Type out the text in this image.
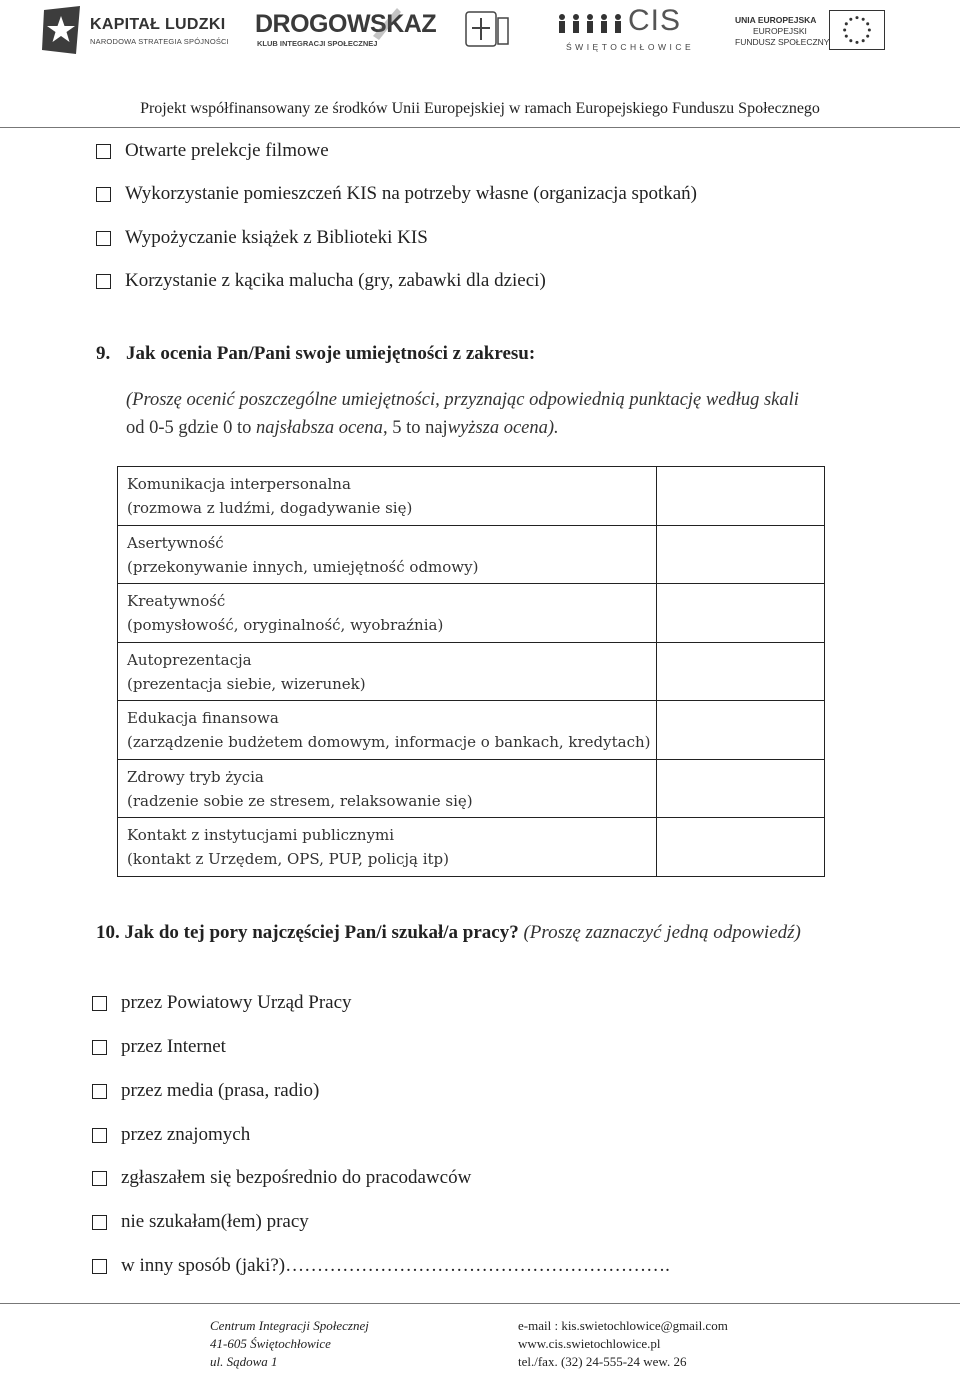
KAPITAŁ LUDZKI
NARODOWA STRATEGIA SPÓJNOŚCI
DROGOWSKAZ
KLUB INTEGRACJI SPOŁECZNEJ
CIS
ŚWIĘTOCHŁOWICE
UNIA EUROPEJSKA
EUROPEJSKI
FUNDUSZ SPOŁECZNY
Projekt współfinansowany ze środków Unii Europejskiej w ramach Europejskiego Funduszu Społecznego
Otwarte prelekcje filmowe
Wykorzystanie pomieszczeń KIS na potrzeby własne (organizacja spotkań)
Wypożyczanie książek z Biblioteki KIS
Korzystanie z kącika malucha (gry, zabawki dla dzieci)
9. Jak ocenia Pan/Pani swoje umiejętności z zakresu:
(Proszę ocenić poszczególne umiejętności, przyznając odpowiednią punktację według skali
od 0-5 gdzie 0 to najsłabsza ocena, 5 to najwyższa ocena).
Komunikacja interpersonalna
(rozmowa z ludźmi, dogadywanie się)	

Asertywność
(przekonywanie innych, umiejętność odmowy)	

Kreatywność
(pomysłowość, oryginalność, wyobraźnia)	

Autoprezentacja
(prezentacja siebie, wizerunek)	

Edukacja finansowa
(zarządzenie budżetem domowym, informacje o bankach, kredytach)	

Zdrowy tryb życia
(radzenie sobie ze stresem, relaksowanie się)	

Kontakt z instytucjami publicznymi
(kontakt z Urzędem, OPS, PUP, policją itp)	

10. Jak do tej pory najczęściej Pan/i szukał/a pracy? (Proszę zaznaczyć jedną odpowiedź)
przez Powiatowy Urząd Pracy
przez Internet
przez media (prasa, radio)
przez znajomych
zgłaszałem się bezpośrednio do pracodawców
nie szukałam(łem) pracy
w inny sposób (jaki?)…………………………………………………….
Centrum Integracji Społecznej
41-605 Świętochłowice
ul. Sądowa 1
e-mail : kis.swietochlowice@gmail.com
www.cis.swietochlowice.pl
tel./fax. (32) 24-555-24 wew. 26
